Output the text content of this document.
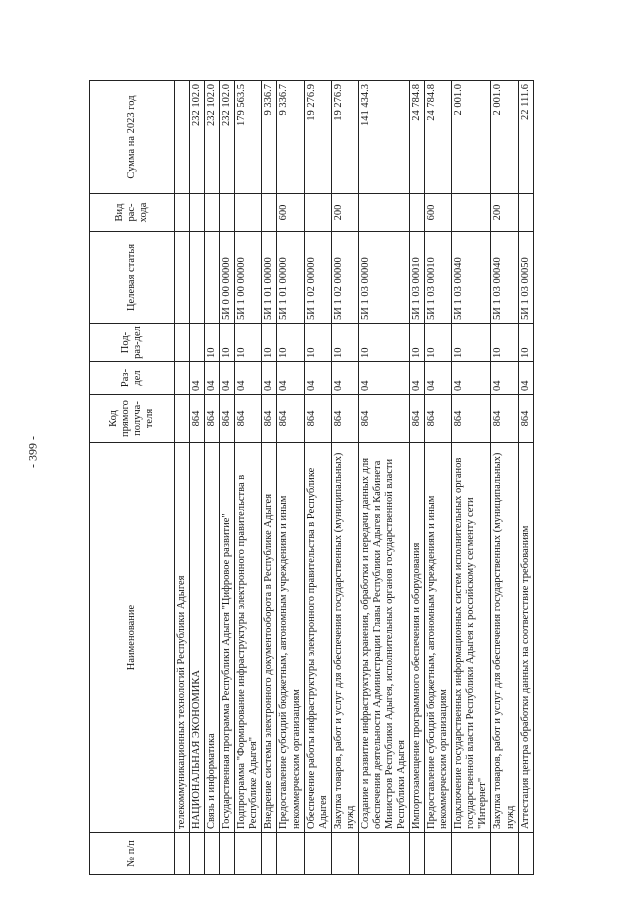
- 399 -
№ п/п	Наименование	Код прямого получа-теля	Раз-дел	Под-раз-дел	Целевая статья	Вид рас-хода	Сумма на 2023 год
	телекоммуникационных технологий Республики Адыгея						
	НАЦИОНАЛЬНАЯ ЭКОНОМИКА	864	04				232 102.0
	Связь и информатика	864	04	10			232 102.0
	Государственная программа Республики Адыгея "Цифровое развитие"	864	04	10	5И 0 00 00000		232 102.0
	Подпрограмма "Формирование инфраструктуры электронного правительства в Республике Адыгея"	864	04	10	5И 1 00 00000		179 563.5
	Внедрение системы электронного документооборота в Республике Адыгея	864	04	10	5И 1 01 00000		9 336.7
	Предоставление субсидий бюджетным, автономным учреждениям и иным некоммерческим организациям	864	04	10	5И 1 01 00000	600	9 336.7
	Обеспечение работы инфраструктуры электронного правительства в Республике Адыгея	864	04	10	5И 1 02 00000		19 276.9
	Закупка товаров, работ и услуг для обеспечения государственных (муниципальных) нужд	864	04	10	5И 1 02 00000	200	19 276.9
	Создание и развитие инфраструктуры хранения, обработки и передачи данных для обеспечения деятельности Администрации Главы Республики Адыгея и Кабинета Министров Республики Адыгея, исполнительных органов государственной власти Республики Адыгея	864	04	10	5И 1 03 00000		141 434.3
	Импортозамещение программного обеспечения и оборудования	864	04	10	5И 1 03 00010		24 784.8
	Предоставление субсидий бюджетным, автономным учреждениям и иным некоммерческим организациям	864	04	10	5И 1 03 00010	600	24 784.8
	Подключение государственных информационных систем исполнительных органов государственной власти Республики Адыгея к российскому сегменту сети "Интернет"	864	04	10	5И 1 03 00040		2 001.0
	Закупка товаров, работ и услуг для обеспечения государственных (муниципальных) нужд	864	04	10	5И 1 03 00040	200	2 001.0
	Аттестация центра обработки данных на соответствие требованиям	864	04	10	5И 1 03 00050		22 111.6
